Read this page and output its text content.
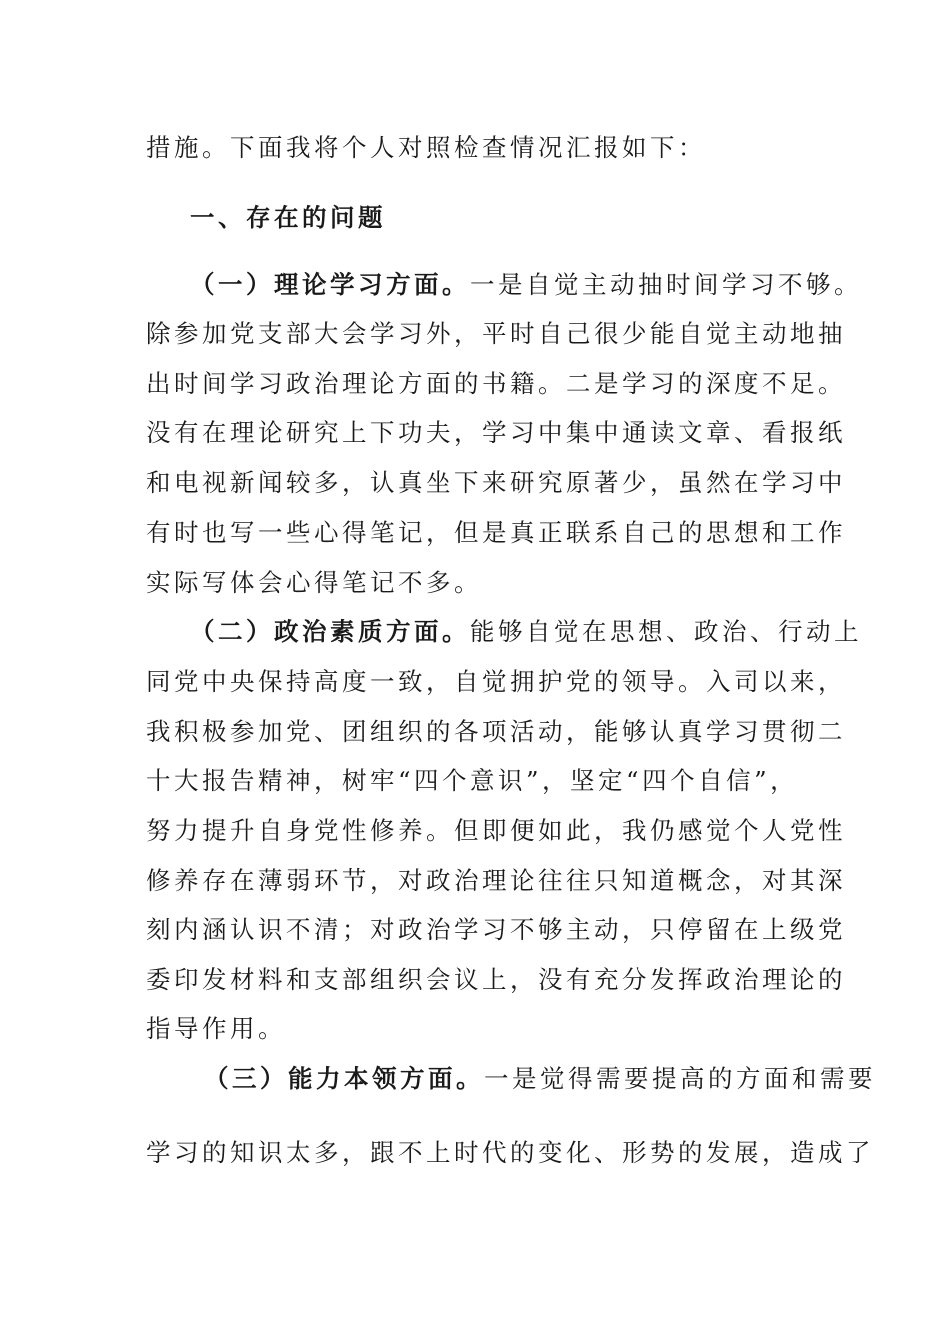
措施。下面我将个人对照检查情况汇报如下：
一、存在的问题
（一）理论学习方面。一是自觉主动抽时间学习不够。
除参加党支部大会学习外，平时自己很少能自觉主动地抽
出时间学习政治理论方面的书籍。二是学习的深度不足。
没有在理论研究上下功夫，学习中集中通读文章、看报纸
和电视新闻较多，认真坐下来研究原著少，虽然在学习中
有时也写一些心得笔记，但是真正联系自己的思想和工作
实际写体会心得笔记不多。
（二）政治素质方面。能够自觉在思想、政治、行动上
同党中央保持高度一致，自觉拥护党的领导。入司以来，
我积极参加党、团组织的各项活动，能够认真学习贯彻二
十大报告精神，树牢“四个意识”，坚定“四个自信”，
努力提升自身党性修养。但即便如此，我仍感觉个人党性
修养存在薄弱环节，对政治理论往往只知道概念，对其深
刻内涵认识不清；对政治学习不够主动，只停留在上级党
委印发材料和支部组织会议上，没有充分发挥政治理论的
指导作用。
（三）能力本领方面。一是觉得需要提高的方面和需要
学习的知识太多，跟不上时代的变化、形势的发展，造成了
